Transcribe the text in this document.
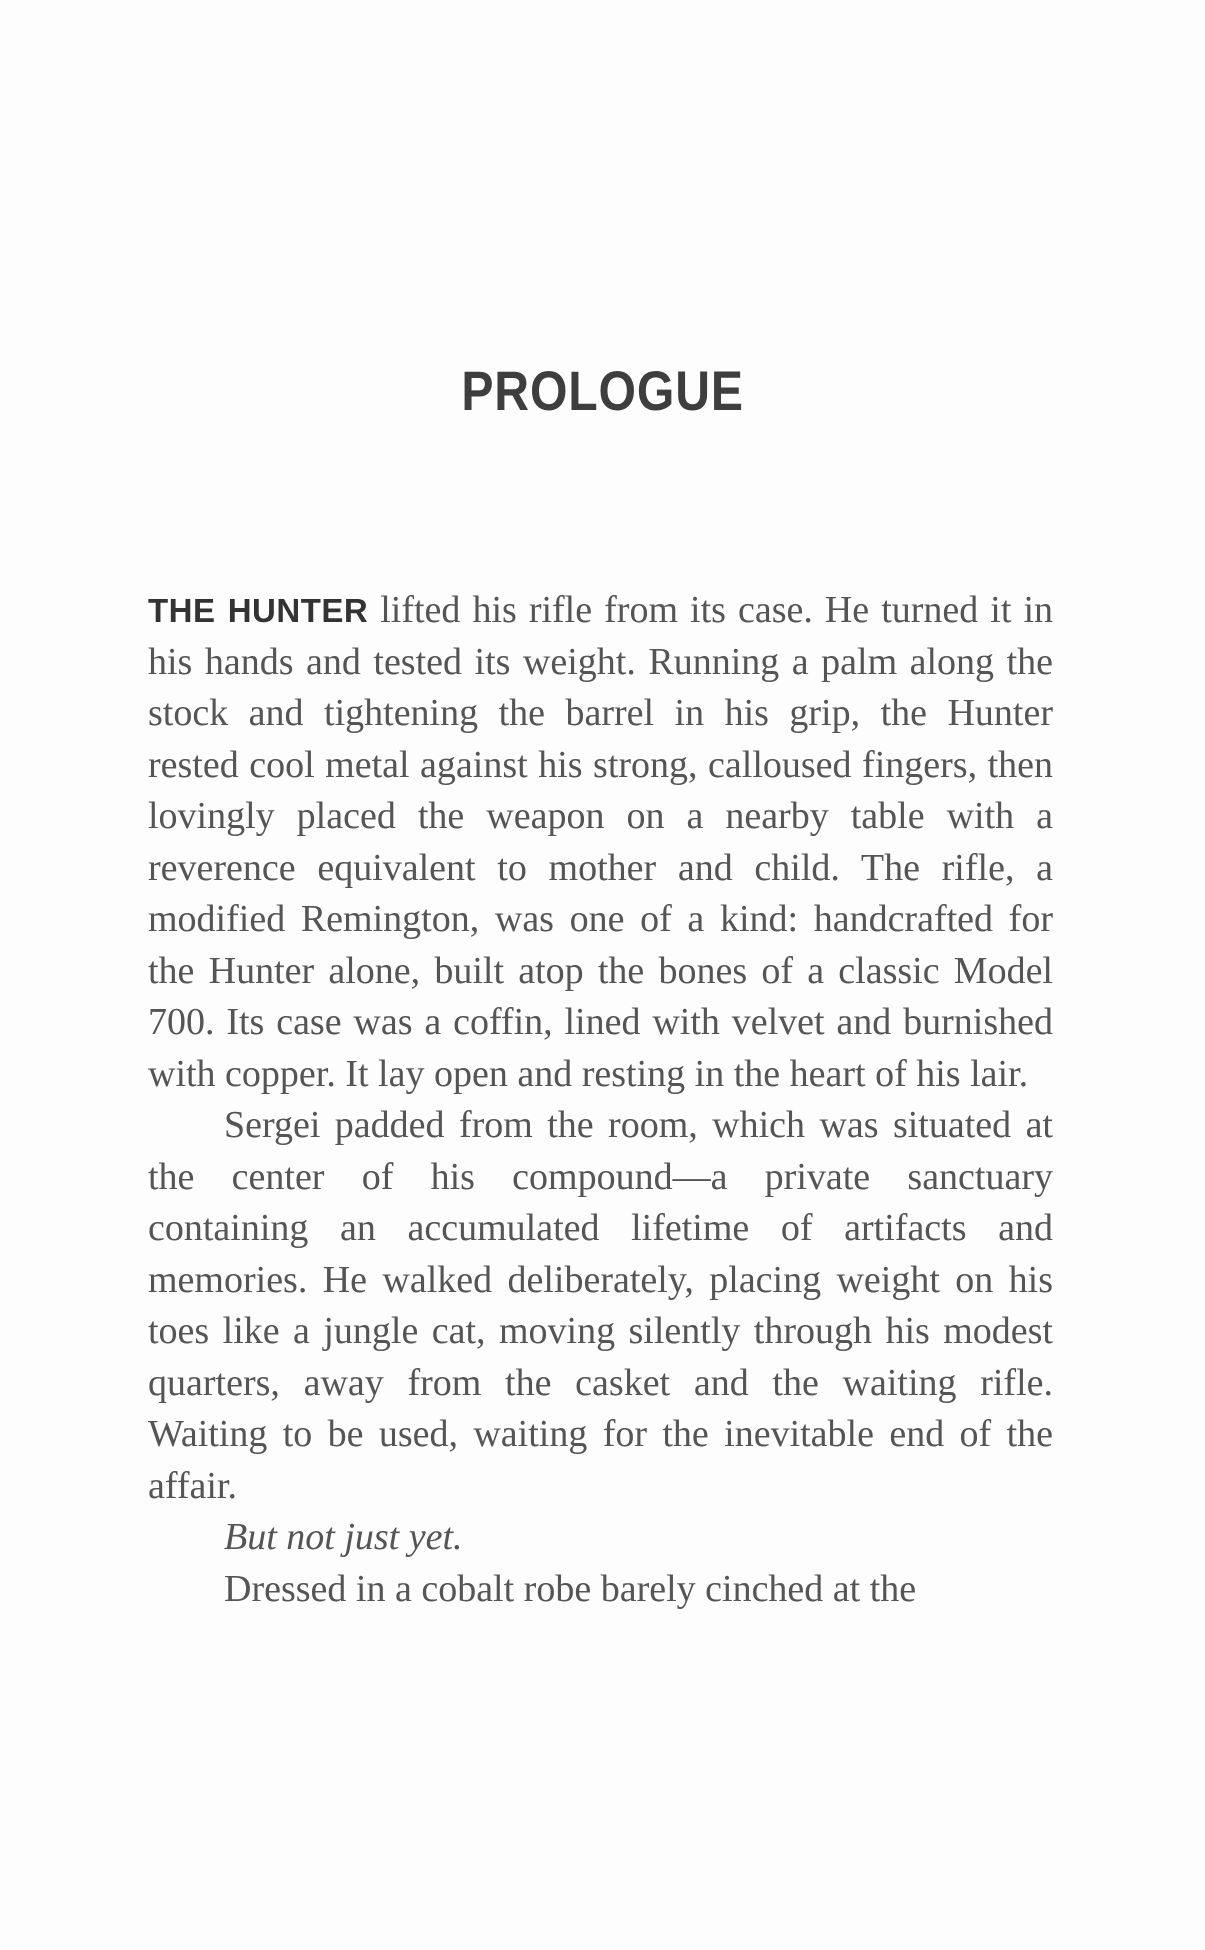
PROLOGUE

THE HUNTER lifted his rifle from its case. He turned it in his hands and tested its weight. Running a palm along the stock and tightening the barrel in his grip, the Hunter rested cool metal against his strong, calloused fingers, then lovingly placed the weapon on a nearby table with a reverence equivalent to mother and child. The rifle, a modified Remington, was one of a kind: handcrafted for the Hunter alone, built atop the bones of a classic Model 700. Its case was a coffin, lined with velvet and burnished with copper. It lay open and resting in the heart of his lair.

Sergei padded from the room, which was situated at the center of his compound—a private sanctuary containing an accumulated lifetime of artifacts and memories. He walked deliberately, placing weight on his toes like a jungle cat, moving silently through his modest quarters, away from the casket and the waiting rifle. Waiting to be used, waiting for the inevitable end of the affair.

But not just yet.

Dressed in a cobalt robe barely cinched at the
